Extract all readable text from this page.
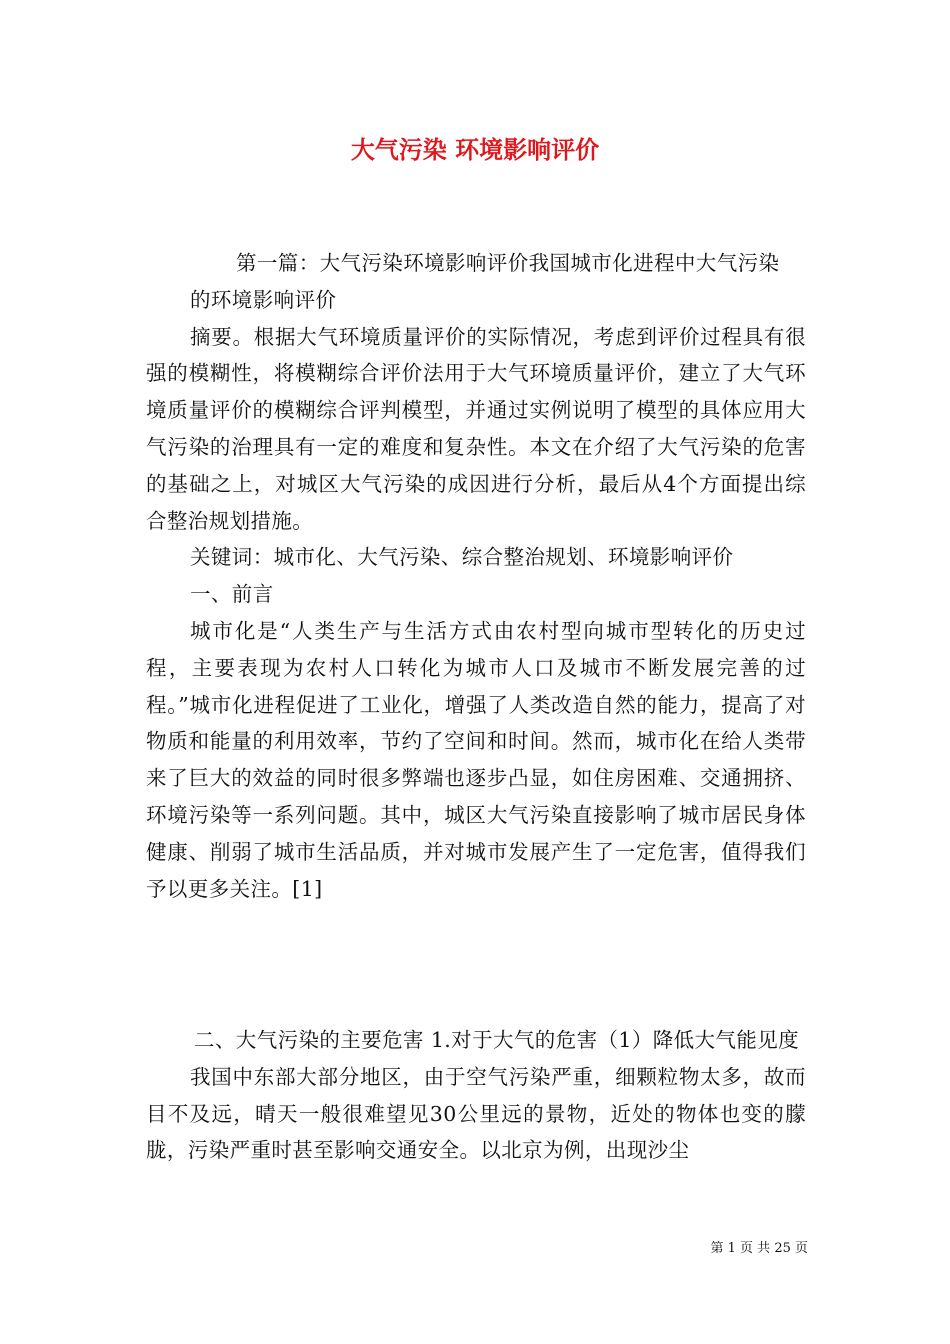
大气污染 环境影响评价

第一篇：大气污染环境影响评价我国城市化进程中大气污染

的环境影响评价

摘要。根据大气环境质量评价的实际情况，考虑到评价过程具有很强的模糊性，将模糊综合评价法用于大气环境质量评价，建立了大气环境质量评价的模糊综合评判模型，并通过实例说明了模型的具体应用大气污染的治理具有一定的难度和复杂性。本文在介绍了大气污染的危害的基础之上，对城区大气污染的成因进行分析，最后从4个方面提出综合整治规划措施。

关键词：城市化、大气污染、综合整治规划、环境影响评价

一、前言

城市化是“人类生产与生活方式由农村型向城市型转化的历史过程，主要表现为农村人口转化为城市人口及城市不断发展完善的过程。”城市化进程促进了工业化，增强了人类改造自然的能力，提高了对物质和能量的利用效率，节约了空间和时间。然而，城市化在给人类带来了巨大的效益的同时很多弊端也逐步凸显，如住房困难、交通拥挤、环境污染等一系列问题。其中，城区大气污染直接影响了城市居民身体健康、削弱了城市生活品质，并对城市发展产生了一定危害，值得我们予以更多关注。[1]

二、大气污染的主要危害 1.对于大气的危害（1）降低大气能见度

我国中东部大部分地区，由于空气污染严重，细颗粒物太多，故而目不及远，晴天一般很难望见30公里远的景物，近处的物体也变的朦胧，污染严重时甚至影响交通安全。以北京为例，出现沙尘

第 1 页 共 25 页
